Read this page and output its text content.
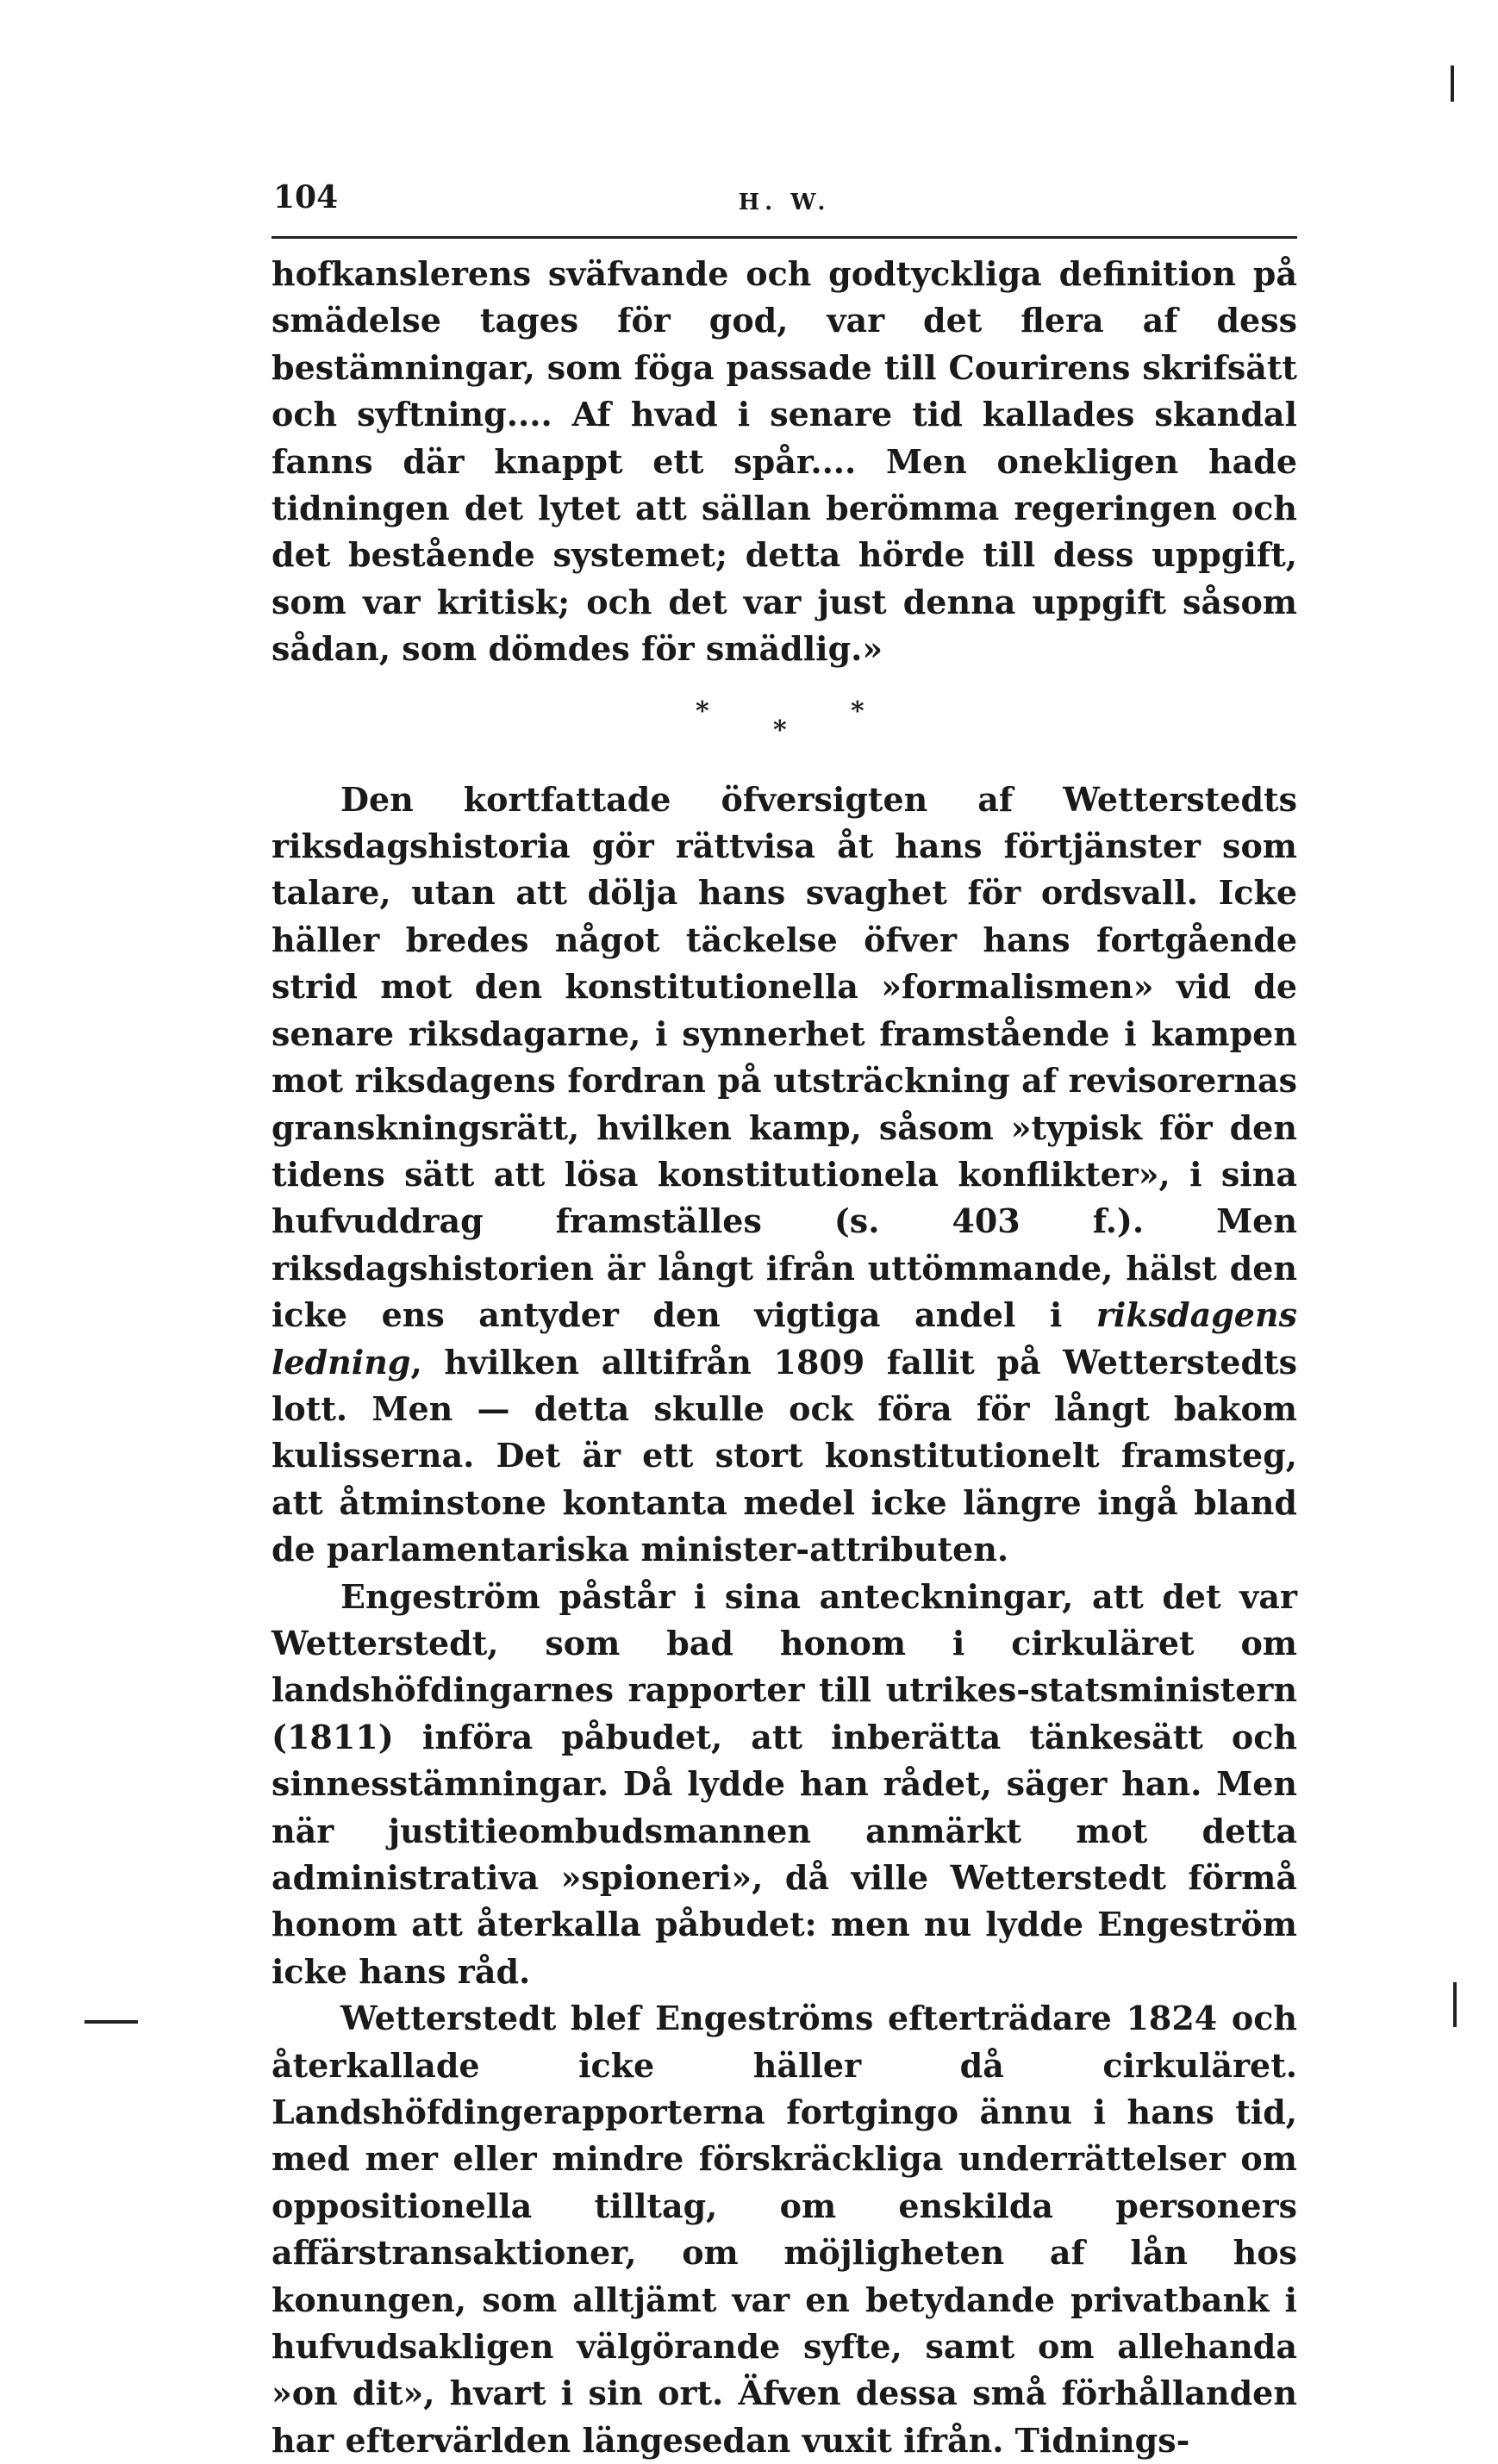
104	H. W.

hofkanslerens sväfvande och godtyckliga definition på smädelse tages för god, var det flera af dess bestämningar, som föga passade till Courirens skrifsätt och syftning.... Af hvad i senare tid kallades skandal fanns där knappt ett spår.... Men onekligen hade tidningen det lytet att sällan berömma regeringen och det bestående systemet; detta hörde till dess uppgift, som var kritisk; och det var just denna uppgift såsom sådan, som dömdes för smädlig.»

*
*
*

Den kortfattade öfversigten af Wetterstedts riksdagshistoria gör rättvisa åt hans förtjänster som talare, utan att dölja hans svaghet för ordsvall. Icke häller bredes något täckelse öfver hans fortgående strid mot den konstitutionella »formalismen» vid de senare riksdagarne, i synnerhet framstående i kampen mot riksdagens fordran på utsträckning af revisorernas granskningsrätt, hvilken kamp, såsom »typisk för den tidens sätt att lösa konstitutionela konflikter», i sina hufvuddrag framställes (s. 403 f.). Men riksdagshistorien är långt ifrån uttömmande, hälst den icke ens antyder den vigtiga andel i riksdagens ledning, hvilken alltifrån 1809 fallit på Wetterstedts lott. Men — detta skulle ock föra för långt bakom kulisserna. Det är ett stort konstitutionelt framsteg, att åtminstone kontanta medel icke längre ingå bland de parlamentariska minister-attributen.

Engeström påstår i sina anteckningar, att det var Wetterstedt, som bad honom i cirkuläret om landshöfdingarnes rapporter till utrikes-statsministern (1811) införa påbudet, att inberätta tänkesätt och sinnesstämningar. Då lydde han rådet, säger han. Men när justitieombudsmannen anmärkt mot detta administrativa »spioneri», då ville Wetterstedt förmå honom att återkalla påbudet: men nu lydde Engeström icke hans råd.

Wetterstedt blef Engeströms efterträdare 1824 och återkallade icke häller då cirkuläret. Landshöfdingerapporterna fortgingo ännu i hans tid, med mer eller mindre förskräckliga underrättelser om oppositionella tilltag, om enskilda personers affärstransaktioner, om möjligheten af lån hos konungen, som alltjämt var en betydande privatbank i hufvudsakligen välgörande syfte, samt om allehanda »on dit», hvart i sin ort. Äfven dessa små förhållanden har eftervärlden längesedan vuxit ifrån. Tidnings-
